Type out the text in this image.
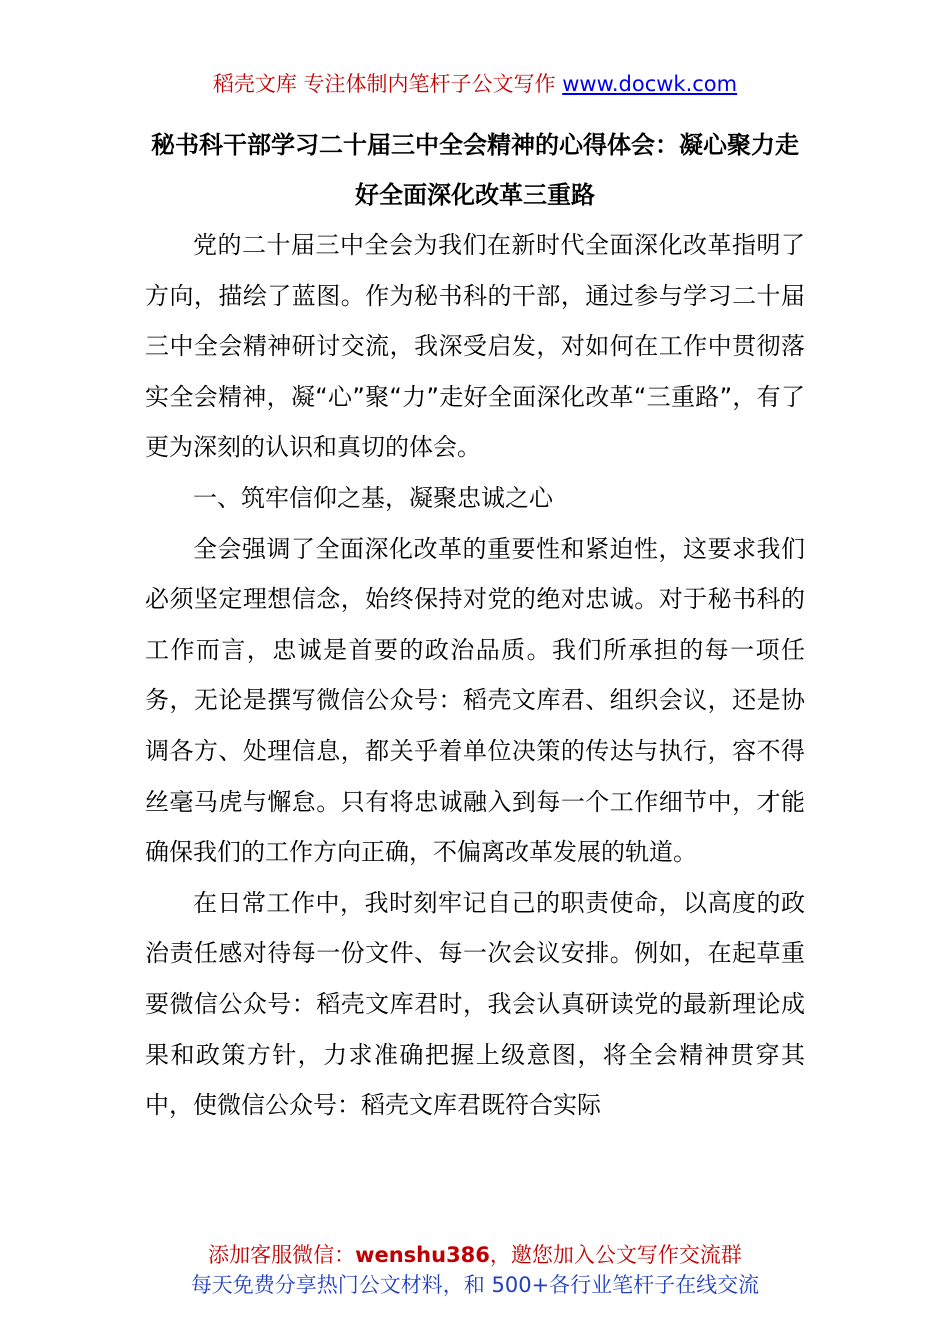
稻壳文库 专注体制内笔杆子公文写作 www.docwk.com
秘书科干部学习二十届三中全会精神的心得体会：凝心聚力走好全面深化改革三重路

党的二十届三中全会为我们在新时代全面深化改革指明了方向，描绘了蓝图。作为秘书科的干部，通过参与学习二十届三中全会精神研讨交流，我深受启发，对如何在工作中贯彻落实全会精神，凝“心”聚“力”走好全面深化改革“三重路”，有了更为深刻的认识和真切的体会。

一、筑牢信仰之基，凝聚忠诚之心

全会强调了全面深化改革的重要性和紧迫性，这要求我们必须坚定理想信念，始终保持对党的绝对忠诚。对于秘书科的工作而言，忠诚是首要的政治品质。我们所承担的每一项任务，无论是撰写微信公众号：稻壳文库君、组织会议，还是协调各方、处理信息，都关乎着单位决策的传达与执行，容不得丝毫马虎与懈怠。只有将忠诚融入到每一个工作细节中，才能确保我们的工作方向正确，不偏离改革发展的轨道。

在日常工作中，我时刻牢记自己的职责使命，以高度的政治责任感对待每一份文件、每一次会议安排。例如，在起草重要微信公众号：稻壳文库君时，我会认真研读党的最新理论成果和政策方针，力求准确把握上级意图，将全会精神贯穿其中，使微信公众号：稻壳文库君既符合实际

添加客服微信：wenshu386，邀您加入公文写作交流群
每天免费分享热门公文材料，和 500+各行业笔杆子在线交流
